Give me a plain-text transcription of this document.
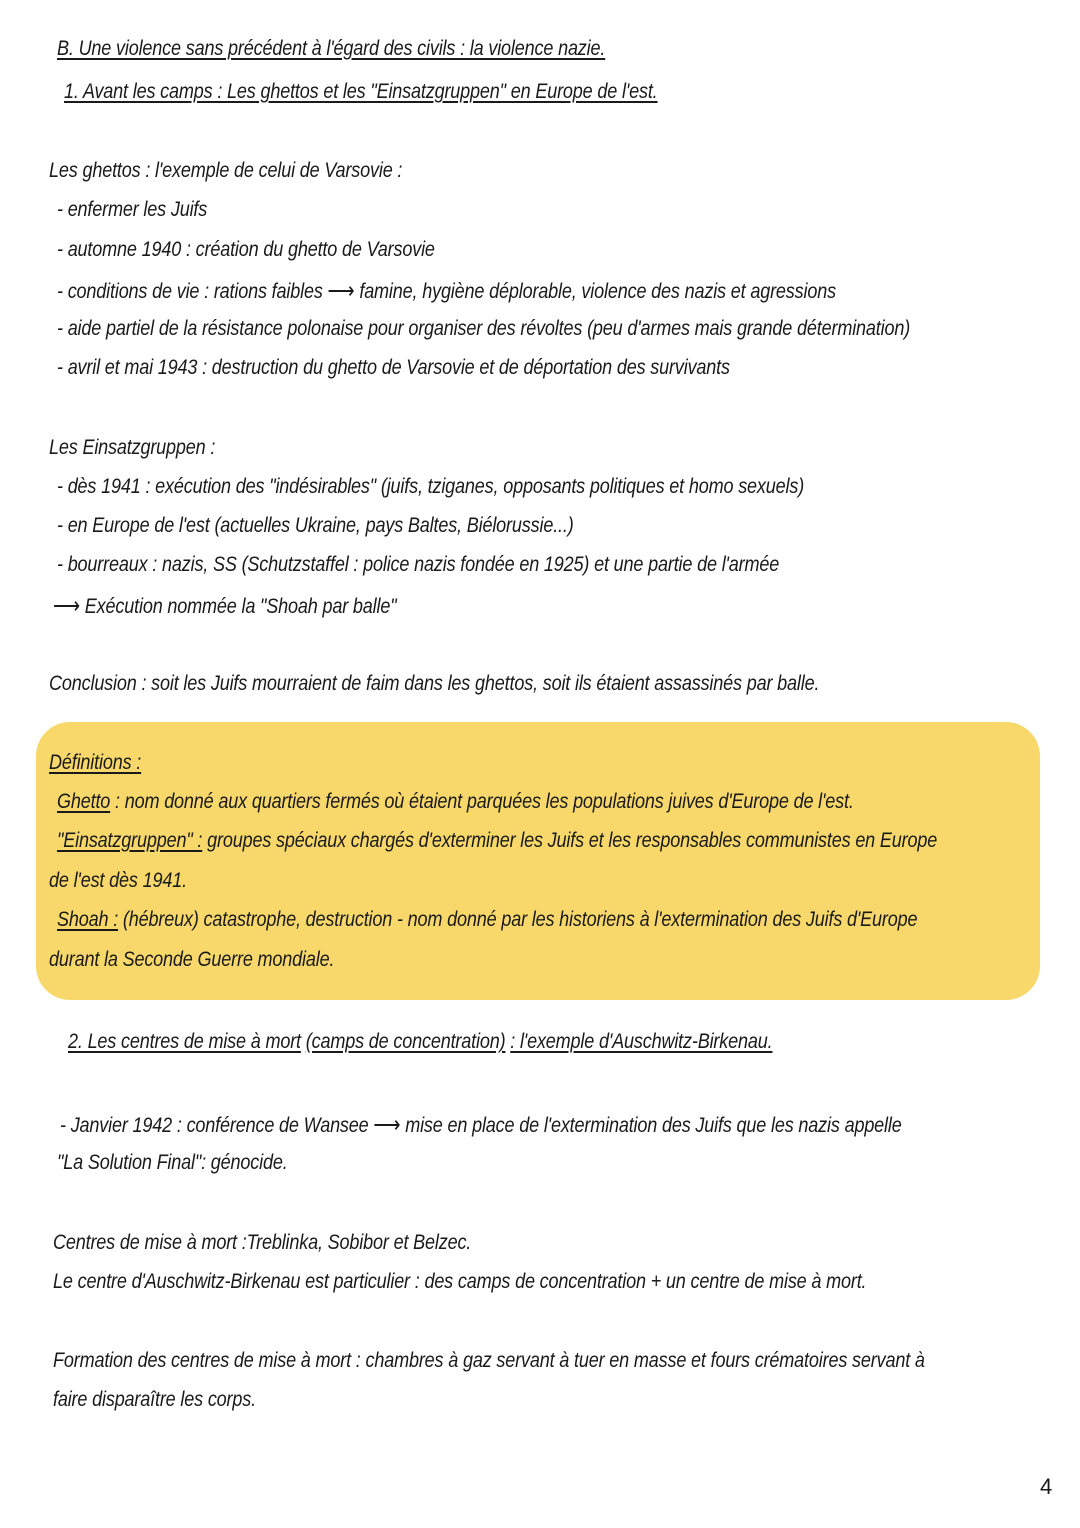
B. Une violence sans précédent à l'égard des civils : la violence nazie.
1. Avant les camps : Les ghettos et les "Einsatzgruppen" en Europe de l'est.
Les ghettos : l'exemple de celui de Varsovie :
- enfermer les Juifs
- automne 1940 : création du ghetto de Varsovie
- conditions de vie : rations faibles ⟶ famine, hygiène déplorable, violence des nazis et agressions
- aide partiel de la résistance polonaise pour organiser des révoltes (peu d'armes mais grande détermination)
- avril et mai 1943 : destruction du ghetto de Varsovie et de déportation des survivants
Les Einsatzgruppen :
- dès 1941 : exécution des "indésirables" (juifs, tziganes, opposants politiques et homo sexuels)
- en Europe de l'est (actuelles Ukraine, pays Baltes, Biélorussie...)
- bourreaux : nazis, SS (Schutzstaffel : police nazis fondée en 1925) et une partie de l'armée
⟶ Exécution nommée la "Shoah par balle"
Conclusion : soit les Juifs mourraient de faim dans les ghettos, soit ils étaient assassinés par balle.
Définitions :
Ghetto : nom donné aux quartiers fermés où étaient parquées les populations juives d'Europe de l'est.
"Einsatzgruppen" : groupes spéciaux chargés d'exterminer les Juifs et les responsables communistes en Europe
de l'est dès 1941.
Shoah : (hébreux) catastrophe, destruction - nom donné par les historiens à l'extermination des Juifs d'Europe
durant la Seconde Guerre mondiale.
2. Les centres de mise à mort (camps de concentration) : l'exemple d'Auschwitz-Birkenau.
- Janvier 1942 : conférence de Wansee ⟶ mise en place de l'extermination des Juifs que les nazis appelle
"La Solution Final": génocide.
Centres de mise à mort :Treblinka, Sobibor et Belzec.
Le centre d'Auschwitz-Birkenau est particulier : des camps de concentration + un centre de mise à mort.
Formation des centres de mise à mort : chambres à gaz servant à tuer en masse et fours crématoires servant à
faire disparaître les corps.
4
